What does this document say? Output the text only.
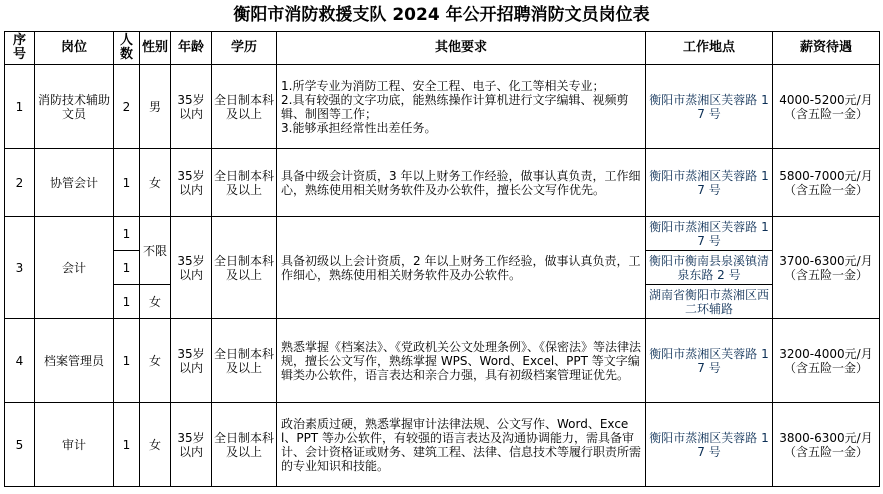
衡阳市消防救援支队 2024 年公开招聘消防文员岗位表
序号	岗位	人数	性别	年龄	学历	其他要求	工作地点	薪资待遇
1	消防技术辅助文员	2	男	35岁以内	全日制本科及以上	1.所学专业为消防工程、安全工程、电子、化工等相关专业；
2.具有较强的文字功底，能熟练操作计算机进行文字编辑、视频剪辑、制图等工作；
3.能够承担经常性出差任务。	衡阳市蒸湘区芙蓉路 17 号	4000-5200元/月（含五险一金）
2	协管会计	1	女	35岁以内	全日制本科及以上	具备中级会计资质，3 年以上财务工作经验，做事认真负责，工作细心，熟练使用相关财务软件及办公软件，擅长公文写作优先。	衡阳市蒸湘区芙蓉路 17 号	5800-7000元/月（含五险一金）
3	会计	1	不限	35岁以内	全日制本科及以上	具备初级以上会计资质，2 年以上财务工作经验，做事认真负责，工作细心，熟练使用相关财务软件及办公软件。	衡阳市蒸湘区芙蓉路 17 号	3700-6300元/月（含五险一金）
		1					衡阳市衡南县泉溪镇清泉东路 2 号	
		1	女				湖南省衡阳市蒸湘区西二环辅路	
4	档案管理员	1	女	35岁以内	全日制本科及以上	熟悉掌握《档案法》、《党政机关公文处理条例》、《保密法》等法律法规，擅长公文写作，熟练掌握 WPS、Word、Excel、PPT 等文字编辑类办公软件，语言表达和亲合力强，具有初级档案管理证优先。	衡阳市蒸湘区芙蓉路 17 号	3200-4000元/月（含五险一金）
5	审计	1	女	35岁以内	全日制本科及以上	政治素质过硬，熟悉掌握审计法律法规、公文写作、Word、Excel、PPT 等办公软件，有较强的语言表达及沟通协调能力，需具备审计、会计资格证或财务、建筑工程、法律、信息技术等履行职责所需的专业知识和技能。	衡阳市蒸湘区芙蓉路 17 号	3800-6300元/月（含五险一金）
